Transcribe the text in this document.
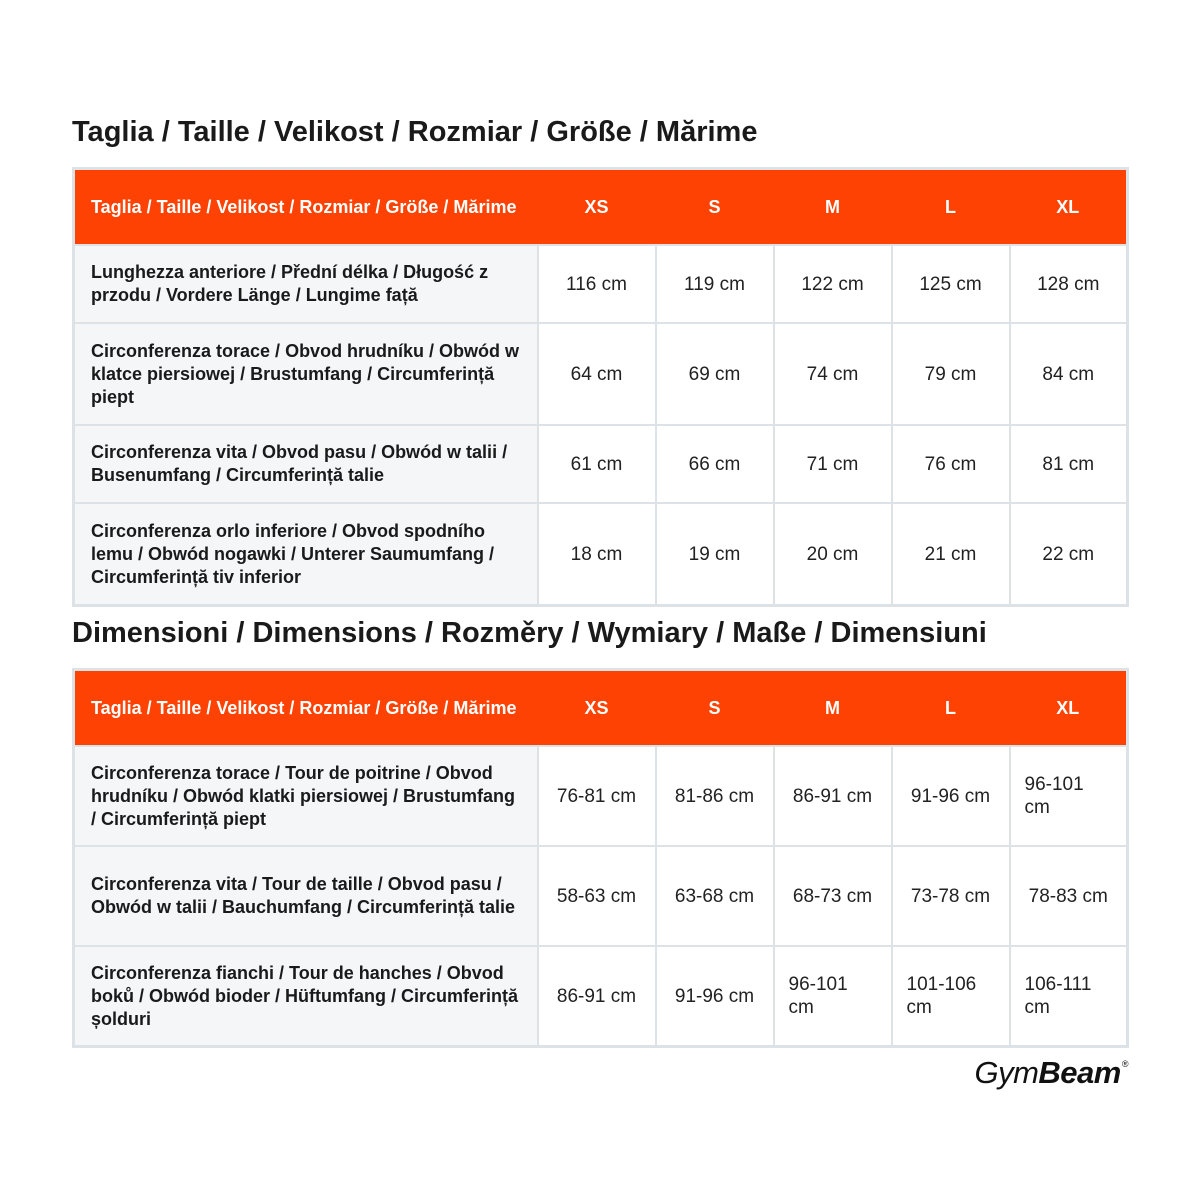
Taglia / Taille / Velikost / Rozmiar / Größe / Mărime
Taglia / Taille / Velikost / Rozmiar / Größe / Mărime	XS	S	M	L	XL
Lunghezza anteriore / Přední délka / Długość z przodu / Vordere Länge / Lungime față	116 cm	119 cm	122 cm	125 cm	128 cm
Circonferenza torace / Obvod hrudníku / Obwód w klatce piersiowej / Brustumfang / Circumferință piept	64 cm	69 cm	74 cm	79 cm	84 cm
Circonferenza vita / Obvod pasu / Obwód w talii / Busenumfang / Circumferință talie	61 cm	66 cm	71 cm	76 cm	81 cm
Circonferenza orlo inferiore / Obvod spodního lemu / Obwód nogawki / Unterer Saumumfang / Circumferință tiv inferior	18 cm	19 cm	20 cm	21 cm	22 cm
Dimensioni / Dimensions / Rozměry / Wymiary / Maße / Dimensiuni
Taglia / Taille / Velikost / Rozmiar / Größe / Mărime	XS	S	M	L	XL
Circonferenza torace / Tour de poitrine / Obvod hrudníku / Obwód klatki piersiowej / Brustumfang / Circumferință piept	76-81 cm	81-86 cm	86-91 cm	91-96 cm	96-101 cm
Circonferenza vita / Tour de taille / Obvod pasu / Obwód w talii / Bauchumfang / Circumferință talie	58-63 cm	63-68 cm	68-73 cm	73-78 cm	78-83 cm
Circonferenza fianchi / Tour de hanches / Obvod boků / Obwód bioder / Hüftumfang / Circumferință șolduri	86-91 cm	91-96 cm	96-101 cm	101-106 cm	106-111 cm
GymBeam®
